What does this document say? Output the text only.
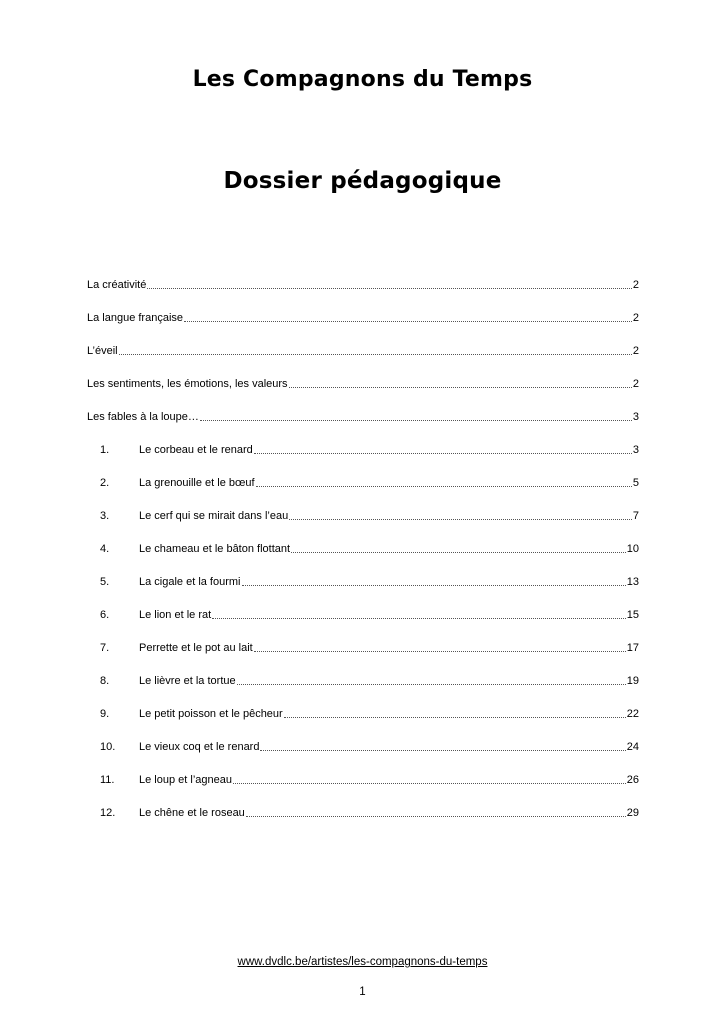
Les Compagnons du Temps
Dossier pédagogique
La créativité	2
La langue française	2
L’éveil	2
Les sentiments, les émotions, les valeurs	2
Les fables à la loupe…	3
1.	Le corbeau et le renard	3
2.	La grenouille et le bœuf	5
3.	Le cerf qui se mirait dans l’eau	7
4.	Le chameau et le bâton flottant	10
5.	La cigale et la fourmi	13
6.	Le lion et le rat	15
7.	Perrette et le pot au lait	17
8.	Le lièvre et la tortue	19
9.	Le petit poisson et le pêcheur	22
10.	Le vieux coq et le renard	24
11.	Le loup et l’agneau	26
12.	Le chêne et le roseau	29
www.dvdlc.be/artistes/les-compagnons-du-temps
1
